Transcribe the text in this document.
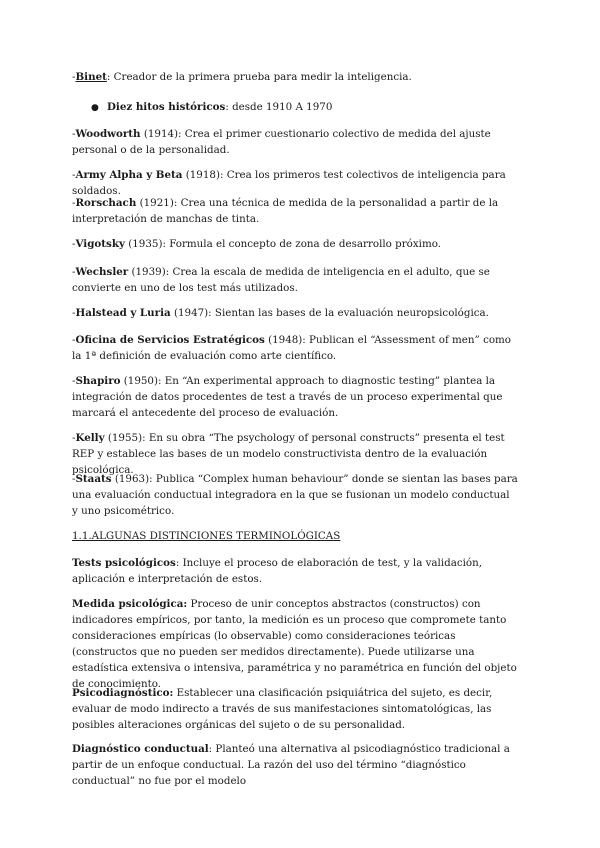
-Binet: Creador de la primera prueba para medir la inteligencia.

● Diez hitos históricos: desde 1910 A 1970

-Woodworth (1914): Crea el primer cuestionario colectivo de medida del ajuste personal o de la personalidad.

-Army Alpha y Beta (1918): Crea los primeros test colectivos de inteligencia para soldados.

-Rorschach (1921): Crea una técnica de medida de la personalidad a partir de la interpretación de manchas de tinta.

-Vigotsky (1935): Formula el concepto de zona de desarrollo próximo.

-Wechsler (1939): Crea la escala de medida de inteligencia en el adulto, que se convierte en uno de los test más utilizados.

-Halstead y Luria (1947): Sientan las bases de la evaluación neuropsicológica.

-Oficina de Servicios Estratégicos (1948): Publican el “Assessment of men” como la 1ª definición de evaluación como arte científico.

-Shapiro (1950): En “An experimental approach to diagnostic testing” plantea la integración de datos procedentes de test a través de un proceso experimental que marcará el antecedente del proceso de evaluación.

-Kelly (1955): En su obra “The psychology of personal constructs” presenta el test REP y establece las bases de un modelo constructivista dentro de la evaluación psicológica.

-Staats (1963): Publica “Complex human behaviour” donde se sientan las bases para una evaluación conductual integradora en la que se fusionan un modelo conductual y uno psicométrico.

1.1.ALGUNAS DISTINCIONES TERMINOLÓGICAS

Tests psicológicos: Incluye el proceso de elaboración de test, y la validación, aplicación e interpretación de estos.

Medida psicológica: Proceso de unir conceptos abstractos (constructos) con indicadores empíricos, por tanto, la medición es un proceso que compromete tanto consideraciones empíricas (lo observable) como consideraciones teóricas (constructos que no pueden ser medidos directamente). Puede utilizarse una estadística extensiva o intensiva, paramétrica y no paramétrica en función del objeto de conocimiento.

Psicodiagnóstico: Establecer una clasificación psiquiátrica del sujeto, es decir, evaluar de modo indirecto a través de sus manifestaciones sintomatológicas, las posibles alteraciones orgánicas del sujeto o de su personalidad.

Diagnóstico conductual: Planteó una alternativa al psicodiagnóstico tradicional a partir de un enfoque conductual. La razón del uso del término “diagnóstico conductual” no fue por el modelo
